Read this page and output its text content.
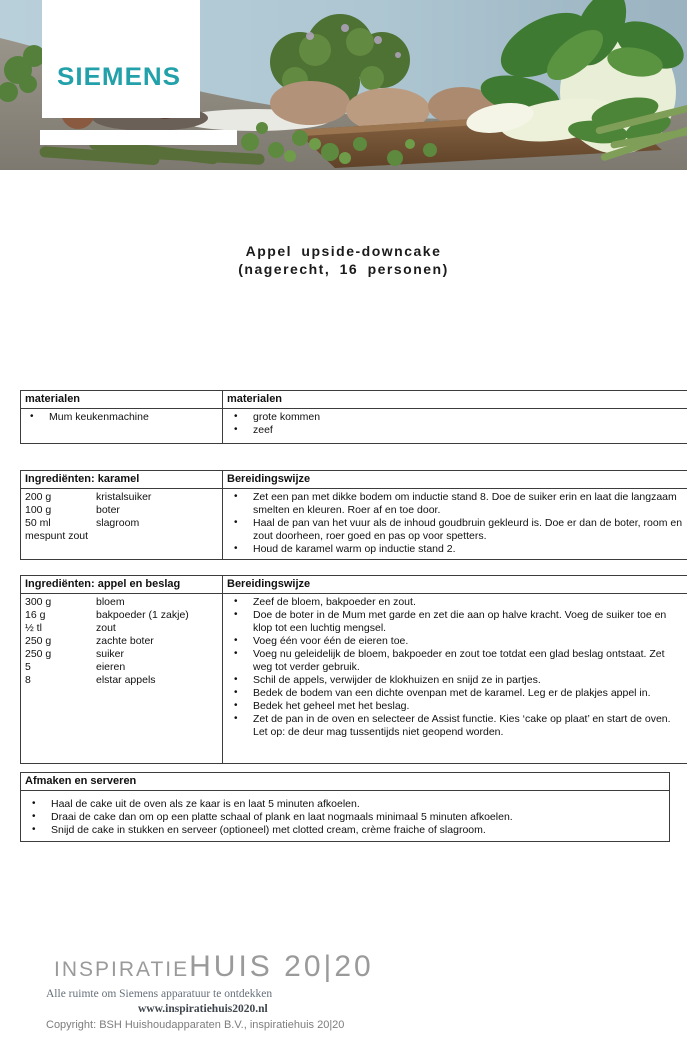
SIEMENS
Appel upside-downcake
(nagerecht, 16 personen)
materialen	materialen

• Mum keukenmachine

•grote kommen
• zeef
Ingrediënten: karamel	Bereidingswijze

200 g	kristalsuiker
100 g	boter
50 ml	slagroom
mespunt zout

• Zet een pan met dikke bodem om inductie stand 8. Doe de suiker erin en laat die langzaam smelten en kleuren. Roer af en toe door.
• Haal de pan van het vuur als de inhoud goudbruin gekleurd is. Doe er dan de boter, room en zout doorheen, roer goed en pas op voor spetters.
• Houd de karamel warm op inductie stand 2.
Ingrediënten: appel en beslag	Bereidingswijze

300 g	bloem
16 g	bakpoeder (1 zakje)
½ tl	zout
250 g	zachte boter
250 g	suiker
5	eieren
8	elstar appels

• Zeef de bloem, bakpoeder en zout.
• Doe de boter in de Mum met garde en zet die aan op halve kracht. Voeg de suiker toe en klop tot een luchtig mengsel.
• Voeg één voor één de eieren toe.
• Voeg nu geleidelijk de bloem, bakpoeder en zout toe totdat een glad beslag ontstaat. Zet weg tot verder gebruik.
• Schil de appels, verwijder de klokhuizen en snijd ze in partjes.
• Bedek de bodem van een dichte ovenpan met de karamel. Leg er de plakjes appel in.
• Bedek het geheel met het beslag.
• Zet de pan in de oven en selecteer de Assist functie. Kies ‘cake op plaat’ en start de oven. Let op: de deur mag tussentijds niet geopend worden.
Afmaken en serveren

• Haal de cake uit de oven als ze kaar is en laat 5 minuten afkoelen.
• Draai de cake dan om op een platte schaal of plank en laat nogmaals minimaal 5 minuten afkoelen.
• Snijd de cake in stukken en serveer (optioneel) met clotted cream, crème fraiche of slagroom.
INSPIRATIEHUIS 20|20
Alle ruimte om Siemens apparatuur te ontdekken
www.inspiratiehuis2020.nl
Copyright: BSH Huishoudapparaten B.V., inspiratiehuis 20|20
